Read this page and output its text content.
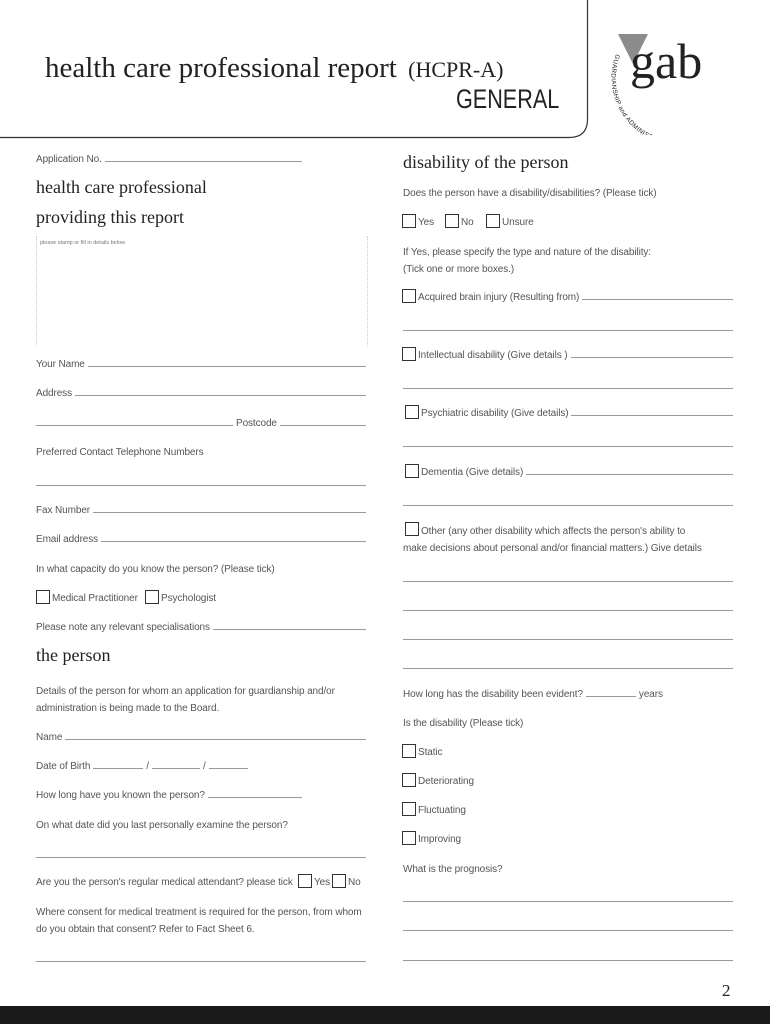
health care professional report (HCPR-A)
GENERAL
gab
GUARDIANSHIP and ADMINI
Application No.
health care professional
providing this report
please stamp or fill in details below
Your Name
Address
Postcode
Preferred Contact Telephone Numbers
Fax Number
Email address
In what capacity do you know the person? (Please tick)
Medical Practitioner Psychologist
Please note any relevant specialisations
the person
Details of the person for whom an application for guardianship and/or
administration is being made to the Board.
Name
Date of Birth	/	/
How long have you known the person?
On what date did you last personally examine the person?
Are you the person's regular medical attendant? please tick Yes No
Where consent for medical treatment is required for the person, from whom
do you obtain that consent? Refer to Fact Sheet 6.
disability of the person
Does the person have a disability/disabilities? (Please tick)
Yes	No	Unsure
If Yes, please specify the type and nature of the disability:
(Tick one or more boxes.)
Acquired brain injury (Resulting from)
Intellectual disability (Give details )
Psychiatric disability (Give details)
Dementia (Give details)
Other (any other disability which affects the person's ability to
make decisions about personal and/or financial matters.) Give details
How long has the disability been evident?	years
Is the disability (Please tick)
Static
Deteriorating
Fluctuating
Improving
What is the prognosis?
2
